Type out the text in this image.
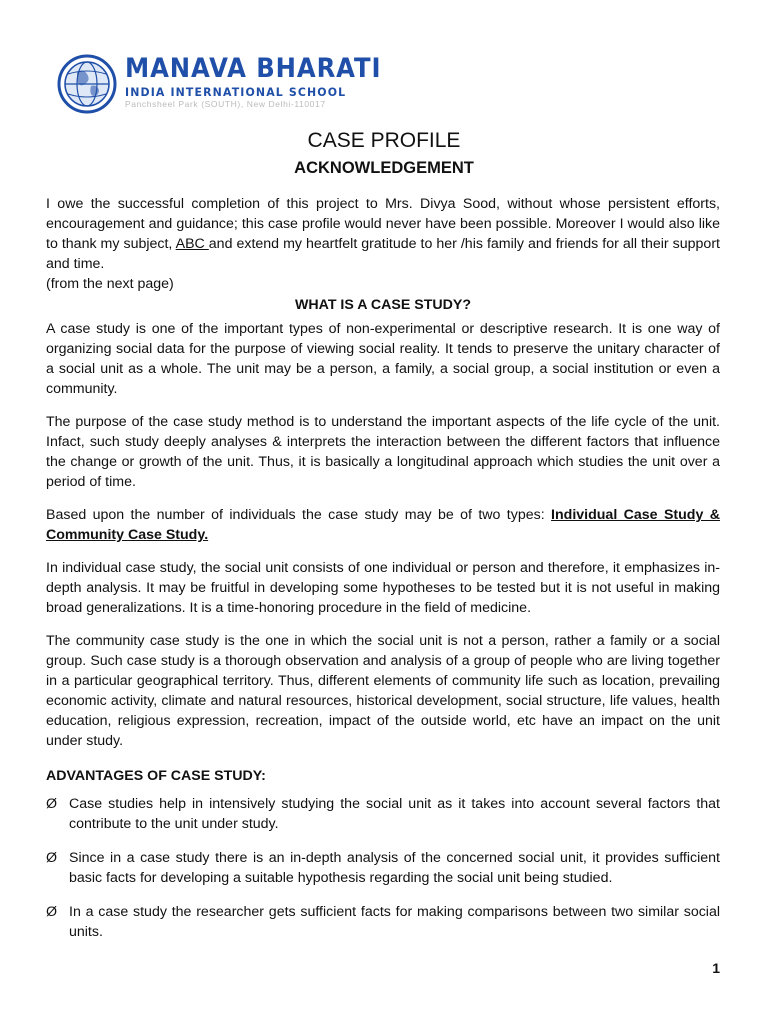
MANAVA BHARATI
INDIA INTERNATIONAL SCHOOL
Panchsheel Park (SOUTH), New Delhi-110017
CASE PROFILE
ACKNOWLEDGEMENT

I owe the successful completion of this project to Mrs. Divya Sood, without whose persistent efforts, encouragement and guidance; this case profile would never have been possible. Moreover I would also like to thank my subject, ABC and extend my heartfelt gratitude to her /his family and friends for all their support and time.

(from the next page)

WHAT IS A CASE STUDY?

A case study is one of the important types of non-experimental or descriptive research. It is one way of organizing social data for the purpose of viewing social reality. It tends to preserve the unitary character of a social unit as a whole. The unit may be a person, a family, a social group, a social institution or even a community.

The purpose of the case study method is to understand the important aspects of the life cycle of the unit. Infact, such study deeply analyses & interprets the interaction between the different factors that influence the change or growth of the unit. Thus, it is basically a longitudinal approach which studies the unit over a period of time.

Based upon the number of individuals the case study may be of two types: Individual Case Study & Community Case Study.

In individual case study, the social unit consists of one individual or person and therefore, it emphasizes in-depth analysis. It may be fruitful in developing some hypotheses to be tested but it is not useful in making broad generalizations. It is a time-honoring procedure in the field of medicine.

The community case study is the one in which the social unit is not a person, rather a family or a social group. Such case study is a thorough observation and analysis of a group of people who are living together in a particular geographical territory. Thus, different elements of community life such as location, prevailing economic activity, climate and natural resources, historical development, social structure, life values, health education, religious expression, recreation, impact of the outside world, etc have an impact on the unit under study.

ADVANTAGES OF CASE STUDY:

Ø Case studies help in intensively studying the social unit as it takes into account several factors that contribute to the unit under study.
Ø Since in a case study there is an in-depth analysis of the concerned social unit, it provides sufficient basic facts for developing a suitable hypothesis regarding the social unit being studied.
Ø In a case study the researcher gets sufficient facts for making comparisons between two similar social units.
1
